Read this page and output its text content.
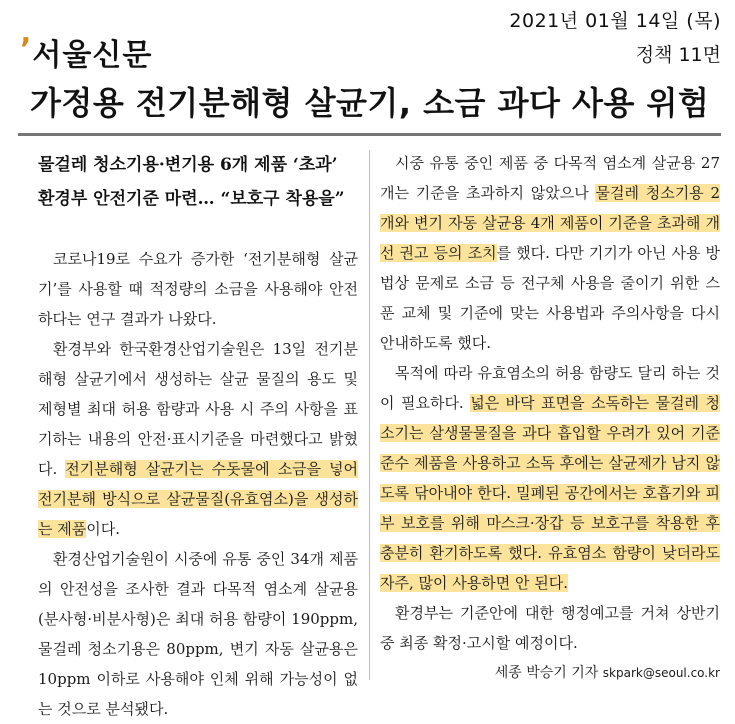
2021년 01월 14일 (목)
정책 11면
’서울신문
가정용 전기분해형 살균기, 소금 과다 사용 위험
물걸레 청소기용·변기용 6개 제품 ‘초과’
환경부 안전기준 마련… “보호구 착용을”

코로나19로 수요가 증가한 ‘전기분해형 살균기’를 사용할 때 적정량의 소금을 사용해야 안전하다는 연구 결과가 나왔다.

환경부와 한국환경산업기술원은 13일 전기분해형 살균기에서 생성하는 살균 물질의 용도 및 제형별 최대 허용 함량과 사용 시 주의 사항을 표기하는 내용의 안전·표시기준을 마련했다고 밝혔다. 전기분해형 살균기는 수돗물에 소금을 넣어 전기분해 방식으로 살균물질(유효염소)을 생성하는 제품이다.

환경산업기술원이 시중에 유통 중인 34개 제품의 안전성을 조사한 결과 다목적 염소계 살균용(분사형·비분사형)은 최대 허용 함량이 190ppm, 물걸레 청소기용은 80ppm, 변기 자동 살균용은 10ppm 이하로 사용해야 인체 위해 가능성이 없는 것으로 분석됐다.

시중 유통 중인 제품 중 다목적 염소계 살균용 27개는 기준을 초과하지 않았으나 물걸레 청소기용 2개와 변기 자동 살균용 4개 제품이 기준을 초과해 개선 권고 등의 조치를 했다. 다만 기기가 아닌 사용 방법상 문제로 소금 등 전구체 사용을 줄이기 위한 스푼 교체 및 기준에 맞는 사용법과 주의사항을 다시 안내하도록 했다.

목적에 따라 유효염소의 허용 함량도 달리 하는 것이 필요하다. 넓은 바닥 표면을 소독하는 물걸레 청소기는 살생물물질을 과다 흡입할 우려가 있어 기준 준수 제품을 사용하고 소독 후에는 살균제가 남지 않도록 닦아내야 한다. 밀폐된 공간에서는 호흡기와 피부 보호를 위해 마스크·장갑 등 보호구를 착용한 후 충분히 환기하도록 했다. 유효염소 함량이 낮더라도 자주, 많이 사용하면 안 된다.

환경부는 기준안에 대한 행정예고를 거쳐 상반기 중 최종 확정·고시할 예정이다.

세종 박승기 기자 skpark@seoul.co.kr
